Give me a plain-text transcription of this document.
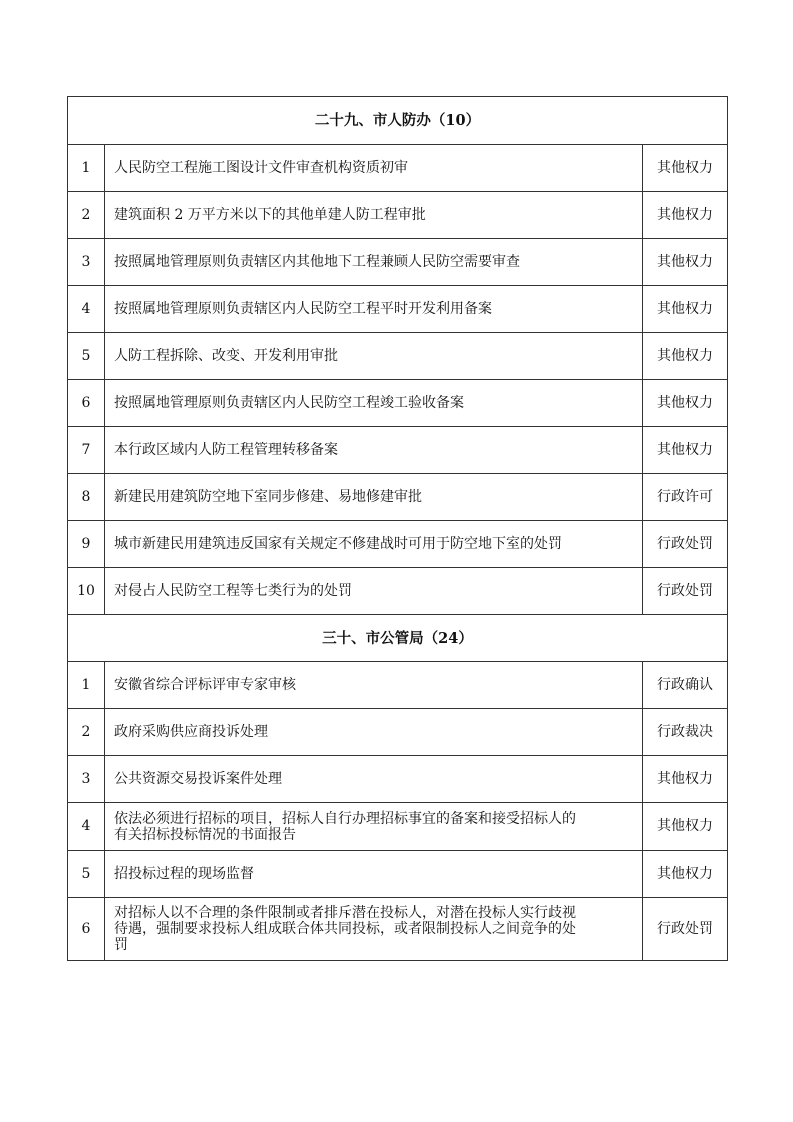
二十九、市人防办（10）		
1	人民防空工程施工图设计文件审查机构资质初审	其他权力
2	建筑面积 2 万平方米以下的其他单建人防工程审批	其他权力
3	按照属地管理原则负责辖区内其他地下工程兼顾人民防空需要审查	其他权力
4	按照属地管理原则负责辖区内人民防空工程平时开发利用备案	其他权力
5	人防工程拆除、改变、开发利用审批	其他权力
6	按照属地管理原则负责辖区内人民防空工程竣工验收备案	其他权力
7	本行政区域内人防工程管理转移备案	其他权力
8	新建民用建筑防空地下室同步修建、易地修建审批	行政许可
9	城市新建民用建筑违反国家有关规定不修建战时可用于防空地下室的处罚	行政处罚
10	对侵占人民防空工程等七类行为的处罚	行政处罚
三十、市公管局（24）		
1	安徽省综合评标评审专家审核	行政确认
2	政府采购供应商投诉处理	行政裁决
3	公共资源交易投诉案件处理	其他权力
4	依法必须进行招标的项目，招标人自行办理招标事宜的备案和接受招标人的
有关招标投标情况的书面报告	其他权力
5	招投标过程的现场监督	其他权力
6	对招标人以不合理的条件限制或者排斥潜在投标人，对潜在投标人实行歧视
待遇，强制要求投标人组成联合体共同投标，或者限制投标人之间竞争的处
罚	行政处罚
